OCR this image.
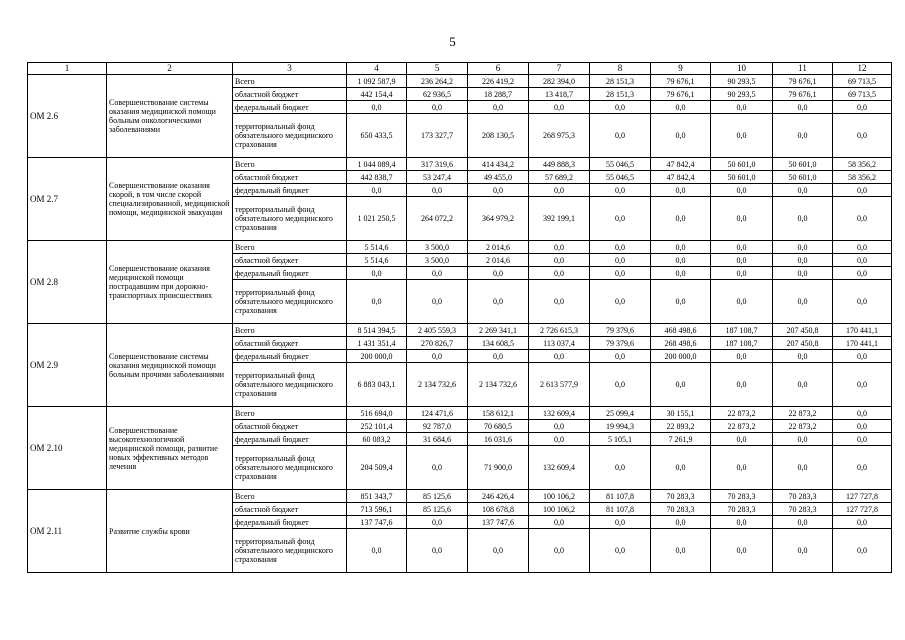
5
1	2	3	4	5	6	7	8	9	10	11	12
ОМ 2.6	Совершенствование системы оказания медицинской помощи больным онкологическими заболеваниями	Всего	1 092 587,9	236 264,2	226 419,2	282 394,0	28 151,3	79 676,1	90 293,5	79 676,1	69 713,5
		областной бюджет	442 154,4	62 936,5	18 288,7	13 418,7	28 151,3	79 676,1	90 293,5	79 676,1	69 713,5
		федеральный бюджет	0,0	0,0	0,0	0,0	0,0	0,0	0,0	0,0	0,0
		территориальный фонд обязательного медицинского страхования	650 433,5	173 327,7	208 130,5	268 975,3	0,0	0,0	0,0	0,0	0,0
ОМ 2.7	Совершенствование оказания скорой, в том числе скорой специализированной, медицинской помощи, медицинской эвакуации	Всего	1 044 089,4	317 319,6	414 434,2	449 888,3	55 046,5	47 842,4	50 601,0	50 601,0	58 356,2
		областной бюджет	442 838,7	53 247,4	49 455,0	57 689,2	55 046,5	47 842,4	50 601,0	50 601,0	58 356,2
		федеральный бюджет	0,0	0,0	0,0	0,0	0,0	0,0	0,0	0,0	0,0
		территориальный фонд обязательного медицинского страхования	1 021 250,5	264 072,2	364 979,2	392 199,1	0,0	0,0	0,0	0,0	0,0
ОМ 2.8	Совершенствование оказания медицинской помощи пострадавшим при дорожно-транспортных происшествиях	Всего	5 514,6	3 500,0	2 014,6	0,0	0,0	0,0	0,0	0,0	0,0
		областной бюджет	5 514,6	3 500,0	2 014,6	0,0	0,0	0,0	0,0	0,0	0,0
		федеральный бюджет	0,0	0,0	0,0	0,0	0,0	0,0	0,0	0,0	0,0
		территориальный фонд обязательного медицинского страхования	0,0	0,0	0,0	0,0	0,0	0,0	0,0	0,0	0,0
ОМ 2.9	Совершенствование системы оказания медицинской помощи больным прочими заболеваниями	Всего	8 514 394,5	2 405 559,3	2 269 341,1	2 726 615,3	79 379,6	468 498,6	187 108,7	207 450,8	170 441,1
		областной бюджет	1 431 351,4	270 826,7	134 608,5	113 037,4	79 379,6	268 498,6	187 108,7	207 450,8	170 441,1
		федеральный бюджет	200 000,0	0,0	0,0	0,0	0,0	200 000,0	0,0	0,0	0,0
		территориальный фонд обязательного медицинского страхования	6 883 043,1	2 134 732,6	2 134 732,6	2 613 577,9	0,0	0,0	0,0	0,0	0,0
ОМ 2.10	Совершенствование высокотехнологичной медицинской помощи, развитие новых эффективных методов лечения	Всего	516 694,0	124 471,6	158 612,1	132 609,4	25 099,4	30 155,1	22 873,2	22 873,2	0,0
		областной бюджет	252 101,4	92 787,0	70 680,5	0,0	19 994,3	22 893,2	22 873,2	22 873,2	0,0
		федеральный бюджет	60 083,2	31 684,6	16 031,6	0,0	5 105,1	7 261,9	0,0	0,0	0,0
		территориальный фонд обязательного медицинского страхования	204 509,4	0,0	71 900,0	132 609,4	0,0	0,0	0,0	0,0	0,0
ОМ 2.11	Развитие службы крови	Всего	851 343,7	85 125,6	246 426,4	100 106,2	81 107,8	70 283,3	70 283,3	70 283,3	127 727,8
		областной бюджет	713 596,1	85 125,6	108 678,8	100 106,2	81 107,8	70 283,3	70 283,3	70 283,3	127 727,8
		федеральный бюджет	137 747,6	0,0	137 747,6	0,0	0,0	0,0	0,0	0,0	0,0
		территориальный фонд обязательного медицинского страхования	0,0	0,0	0,0	0,0	0,0	0,0	0,0	0,0	0,0
